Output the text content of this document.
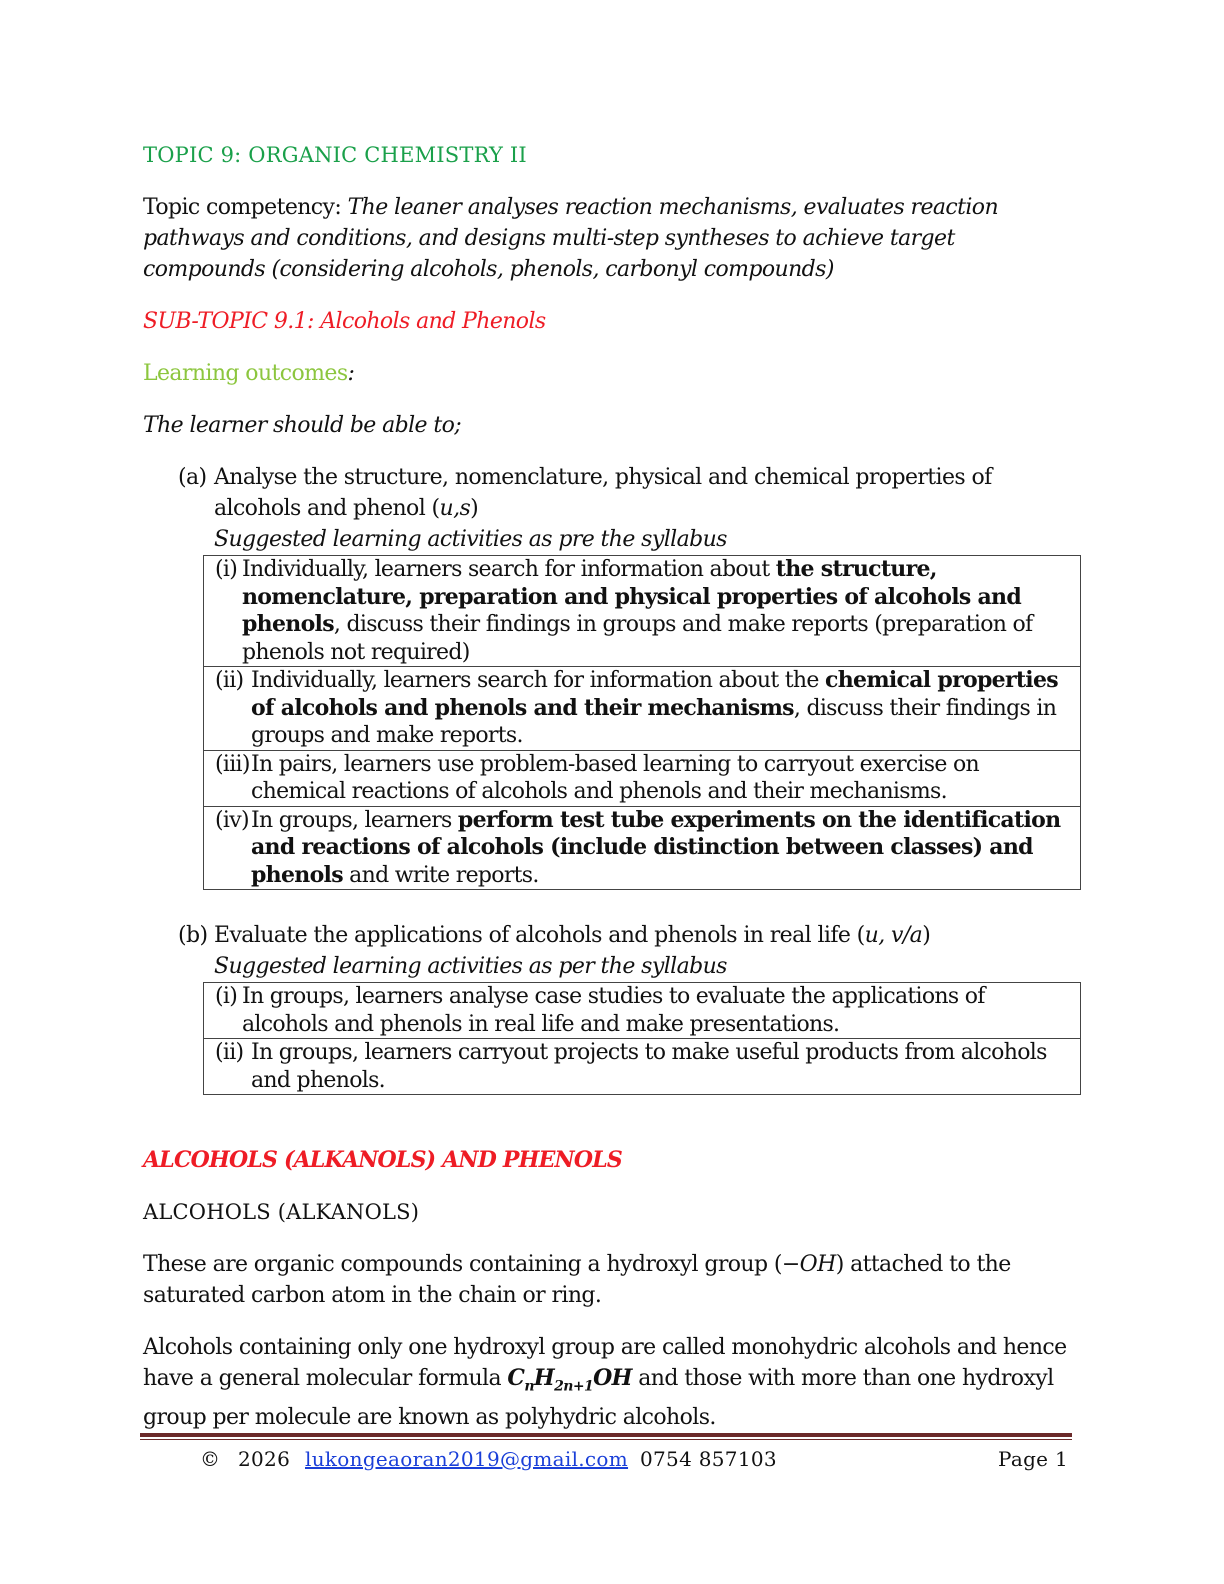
TOPIC 9: ORGANIC CHEMISTRY II

Topic competency: The leaner analyses reaction mechanisms, evaluates reaction pathways and conditions, and designs multi-step syntheses to achieve target compounds (considering alcohols, phenols, carbonyl compounds)

SUB-TOPIC 9.1: Alcohols and Phenols

Learning outcomes:

The learner should be able to;

(a) Analyse the structure, nomenclature, physical and chemical properties of alcohols and phenol (u,s)

Suggested learning activities as pre the syllabus

(i) Individually, learners search for information about the structure, nomenclature, preparation and physical properties of alcohols and phenols, discuss their findings in groups and make reports (preparation of phenols not required)

(ii) Individually, learners search for information about the chemical properties of alcohols and phenols and their mechanisms, discuss their findings in groups and make reports.

(iii) In pairs, learners use problem-based learning to carryout exercise on chemical reactions of alcohols and phenols and their mechanisms.

(iv) In groups, learners perform test tube experiments on the identification and reactions of alcohols (include distinction between classes) and phenols and write reports.
(b) Evaluate the applications of alcohols and phenols in real life (u, v/a)

Suggested learning activities as per the syllabus

(i) In groups, learners analyse case studies to evaluate the applications of alcohols and phenols in real life and make presentations.

(ii) In groups, learners carryout projects to make useful products from alcohols and phenols.

ALCOHOLS (ALKANOLS) AND PHENOLS

ALCOHOLS (ALKANOLS)

These are organic compounds containing a hydroxyl group (−OH) attached to the saturated carbon atom in the chain or ring.

Alcohols containing only one hydroxyl group are called monohydric alcohols and hence have a general molecular formula $C_nH_{2n+1}OH$ and those with more than one hydroxyl group per molecule are known as polyhydric alcohols.

© 2026 lukongeaoran2019@gmail.com 0754 857103	Page 1
